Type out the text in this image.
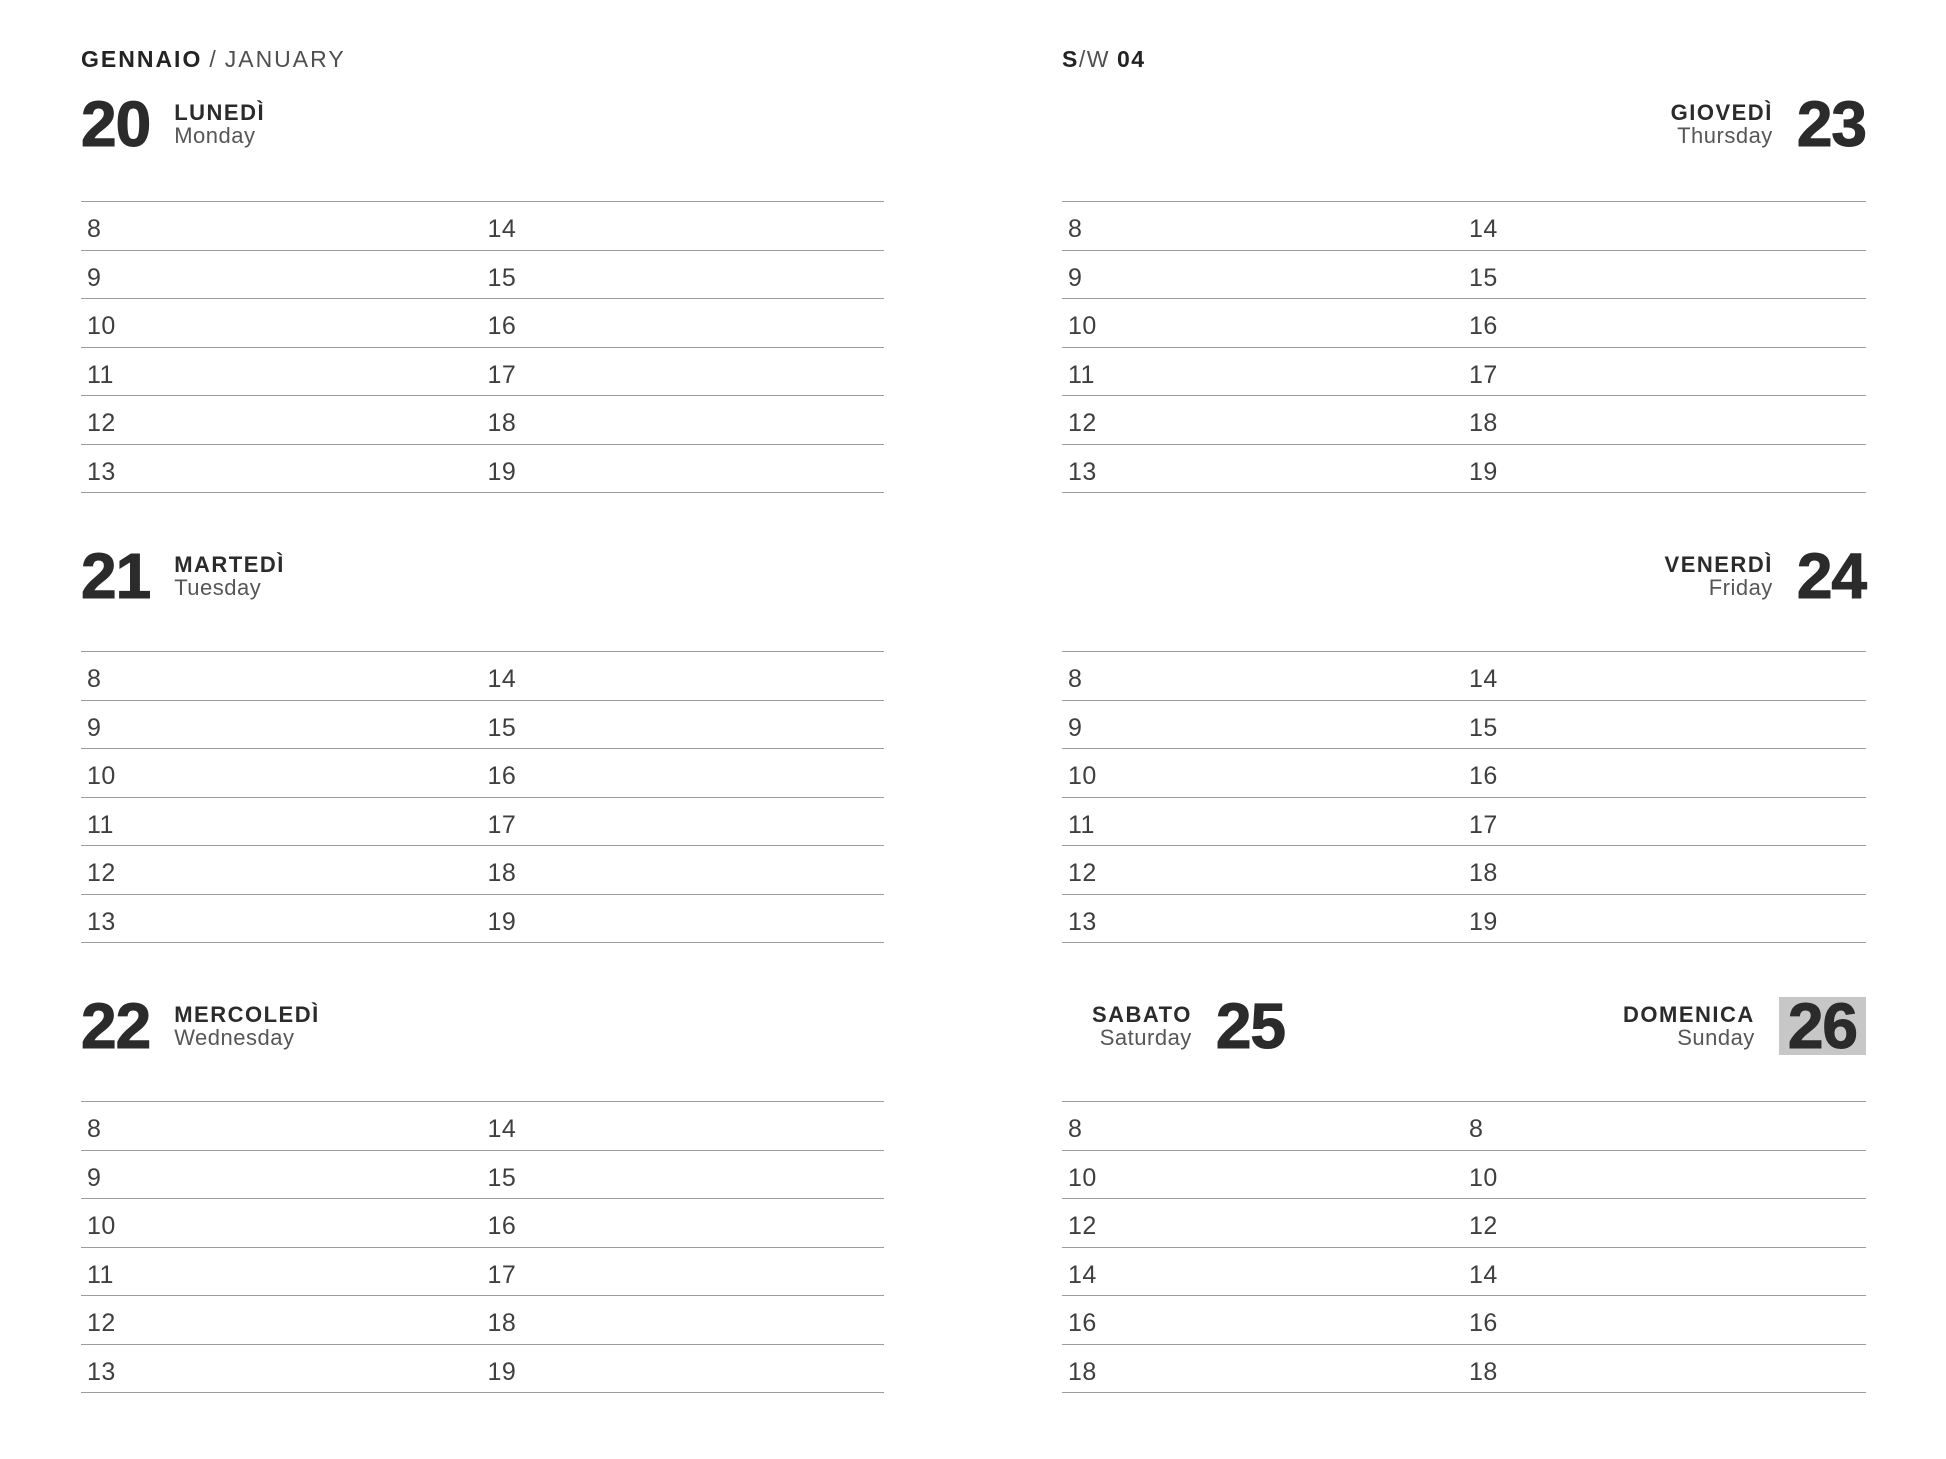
GENNAIO / JANUARY	S/W 04
20 LUNEDÌ
Monday
8	14
9	15
10	16
11	17
12	18
13	19
21 MARTEDÌ
Tuesday
8	14
9	15
10	16
11	17
12	18
13	19
22 MERCOLEDÌ
Wednesday
8	14
9	15
10	16
11	17
12	18
13	19
GIOVEDÌ
Thursday 23
8	14
9	15
10	16
11	17
12	18
13	19
VENERDÌ
Friday 24
8	14
9	15
10	16
11	17
12	18
13	19
SABATO
Saturday 25	DOMENICA
Sunday 26
8	8
10	10
12	12
14	14
16	16
18	18
